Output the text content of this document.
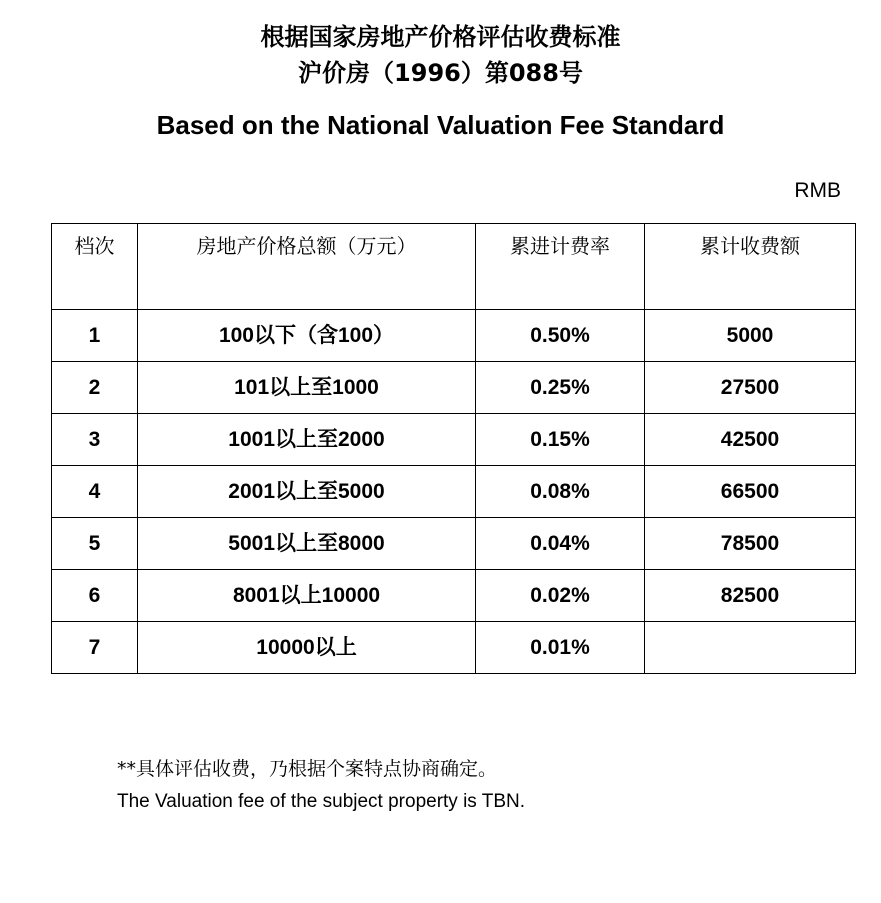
根据国家房地产价格评估收费标准
沪价房（1996）第088号
Based on the National Valuation Fee Standard
RMB
档次	房地产价格总额（万元）	累进计费率	累计收费额
1	100以下（含100）	0.50%	5000
2	101以上至1000	0.25%	27500
3	1001以上至2000	0.15%	42500
4	2001以上至5000	0.08%	66500
5	5001以上至8000	0.04%	78500
6	8001以上10000	0.02%	82500
7	10000以上	0.01%	
**具体评估收费，乃根据个案特点协商确定。
The Valuation fee of the subject property is TBN.
